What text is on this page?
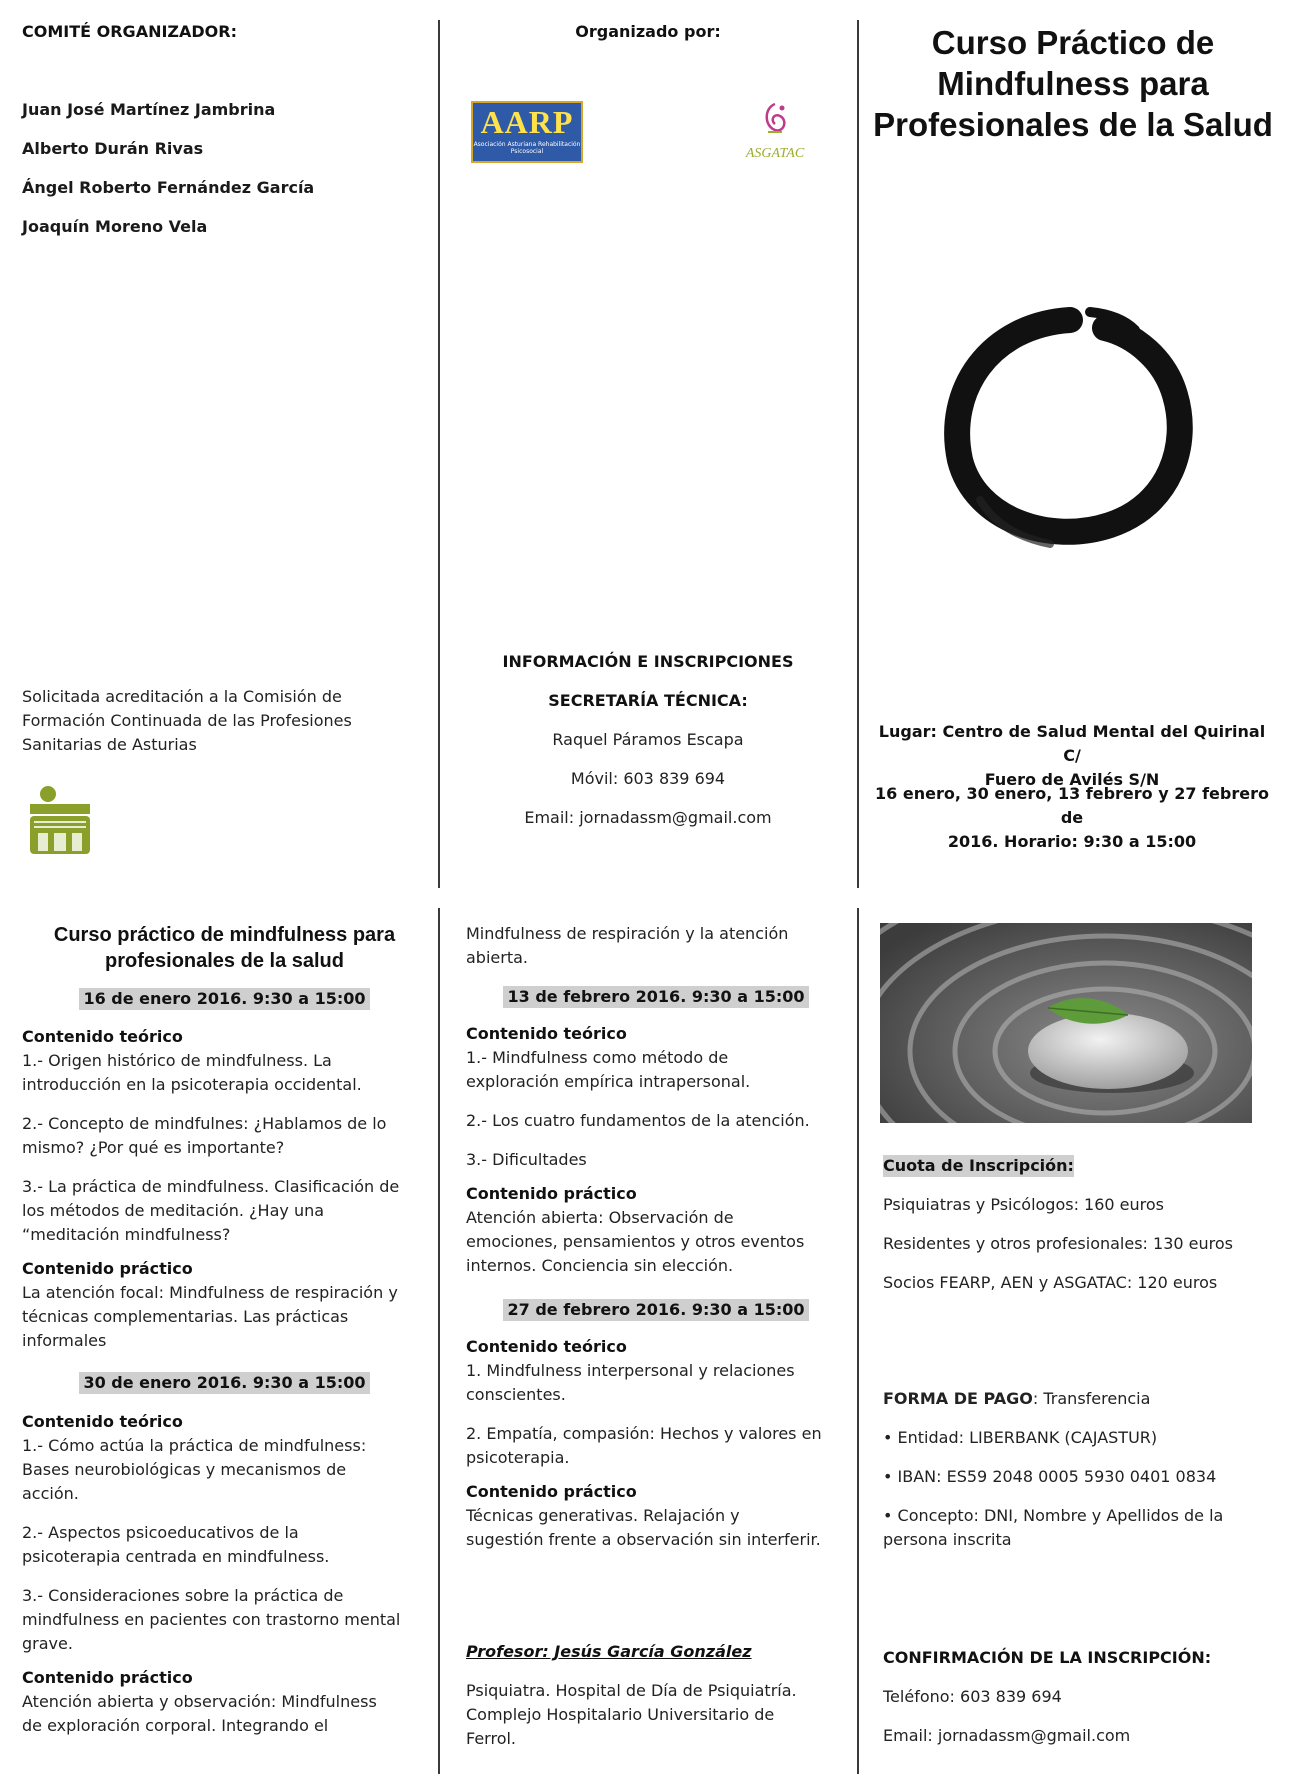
COMITÉ ORGANIZADOR:
Juan José Martínez Jambrina
Alberto Durán Rivas
Ángel Roberto Fernández García
Joaquín Moreno Vela
Solicitada acreditación a la Comisión de
Formación Continuada de las Profesiones
Sanitarias de Asturias
Organizado por:
AARP
Asociación Asturiana Rehabilitación Psicosocial	ASGATAC
INFORMACIÓN E INSCRIPCIONES
SECRETARÍA TÉCNICA:
Raquel Páramos Escapa
Móvil: 603 839 694
Email: jornadassm@gmail.com
Curso Práctico de
Mindfulness para
Profesionales de la Salud
Lugar: Centro de Salud Mental del Quirinal C/
Fuero de Avilés S/N
16 enero, 30 enero, 13 febrero y 27 febrero de
2016. Horario: 9:30 a 15:00
Curso práctico de mindfulness para
profesionales de la salud
16 de enero 2016. 9:30 a 15:00
Contenido teórico
1.- Origen histórico de mindfulness. La
introducción en la psicoterapia occidental.
2.- Concepto de mindfulnes: ¿Hablamos de lo
mismo? ¿Por qué es importante?
3.- La práctica de mindfulness. Clasificación de
los métodos de meditación. ¿Hay una
“meditación mindfulness?
Contenido práctico
La atención focal: Mindfulness de respiración y
técnicas complementarias. Las prácticas
informales
30 de enero 2016. 9:30 a 15:00
Contenido teórico
1.- Cómo actúa la práctica de mindfulness:
Bases neurobiológicas y mecanismos de
acción.
2.- Aspectos psicoeducativos de la
psicoterapia centrada en mindfulness.
3.- Consideraciones sobre la práctica de
mindfulness en pacientes con trastorno mental
grave.
Contenido práctico
Atención abierta y observación: Mindfulness
de exploración corporal. Integrando el
Mindfulness de respiración y la atención
abierta.
13 de febrero 2016. 9:30 a 15:00
Contenido teórico
1.- Mindfulness como método de
exploración empírica intrapersonal.
2.- Los cuatro fundamentos de la atención.
3.- Dificultades
Contenido práctico
Atención abierta: Observación de
emociones, pensamientos y otros eventos
internos. Conciencia sin elección.
27 de febrero 2016. 9:30 a 15:00
Contenido teórico
1. Mindfulness interpersonal y relaciones
conscientes.
2. Empatía, compasión: Hechos y valores en
psicoterapia.
Contenido práctico
Técnicas generativas. Relajación y
sugestión frente a observación sin interferir.
Profesor: Jesús García González
Psiquiatra. Hospital de Día de Psiquiatría.
Complejo Hospitalario Universitario de
Ferrol.
Cuota de Inscripción:
Psiquiatras y Psicólogos: 160 euros
Residentes y otros profesionales: 130 euros
Socios FEARP, AEN y ASGATAC: 120 euros
FORMA DE PAGO: Transferencia
• Entidad: LIBERBANK (CAJASTUR)
• IBAN: ES59 2048 0005 5930 0401 0834
• Concepto: DNI, Nombre y Apellidos de la
persona inscrita
CONFIRMACIÓN DE LA INSCRIPCIÓN:
Teléfono: 603 839 694
Email: jornadassm@gmail.com
